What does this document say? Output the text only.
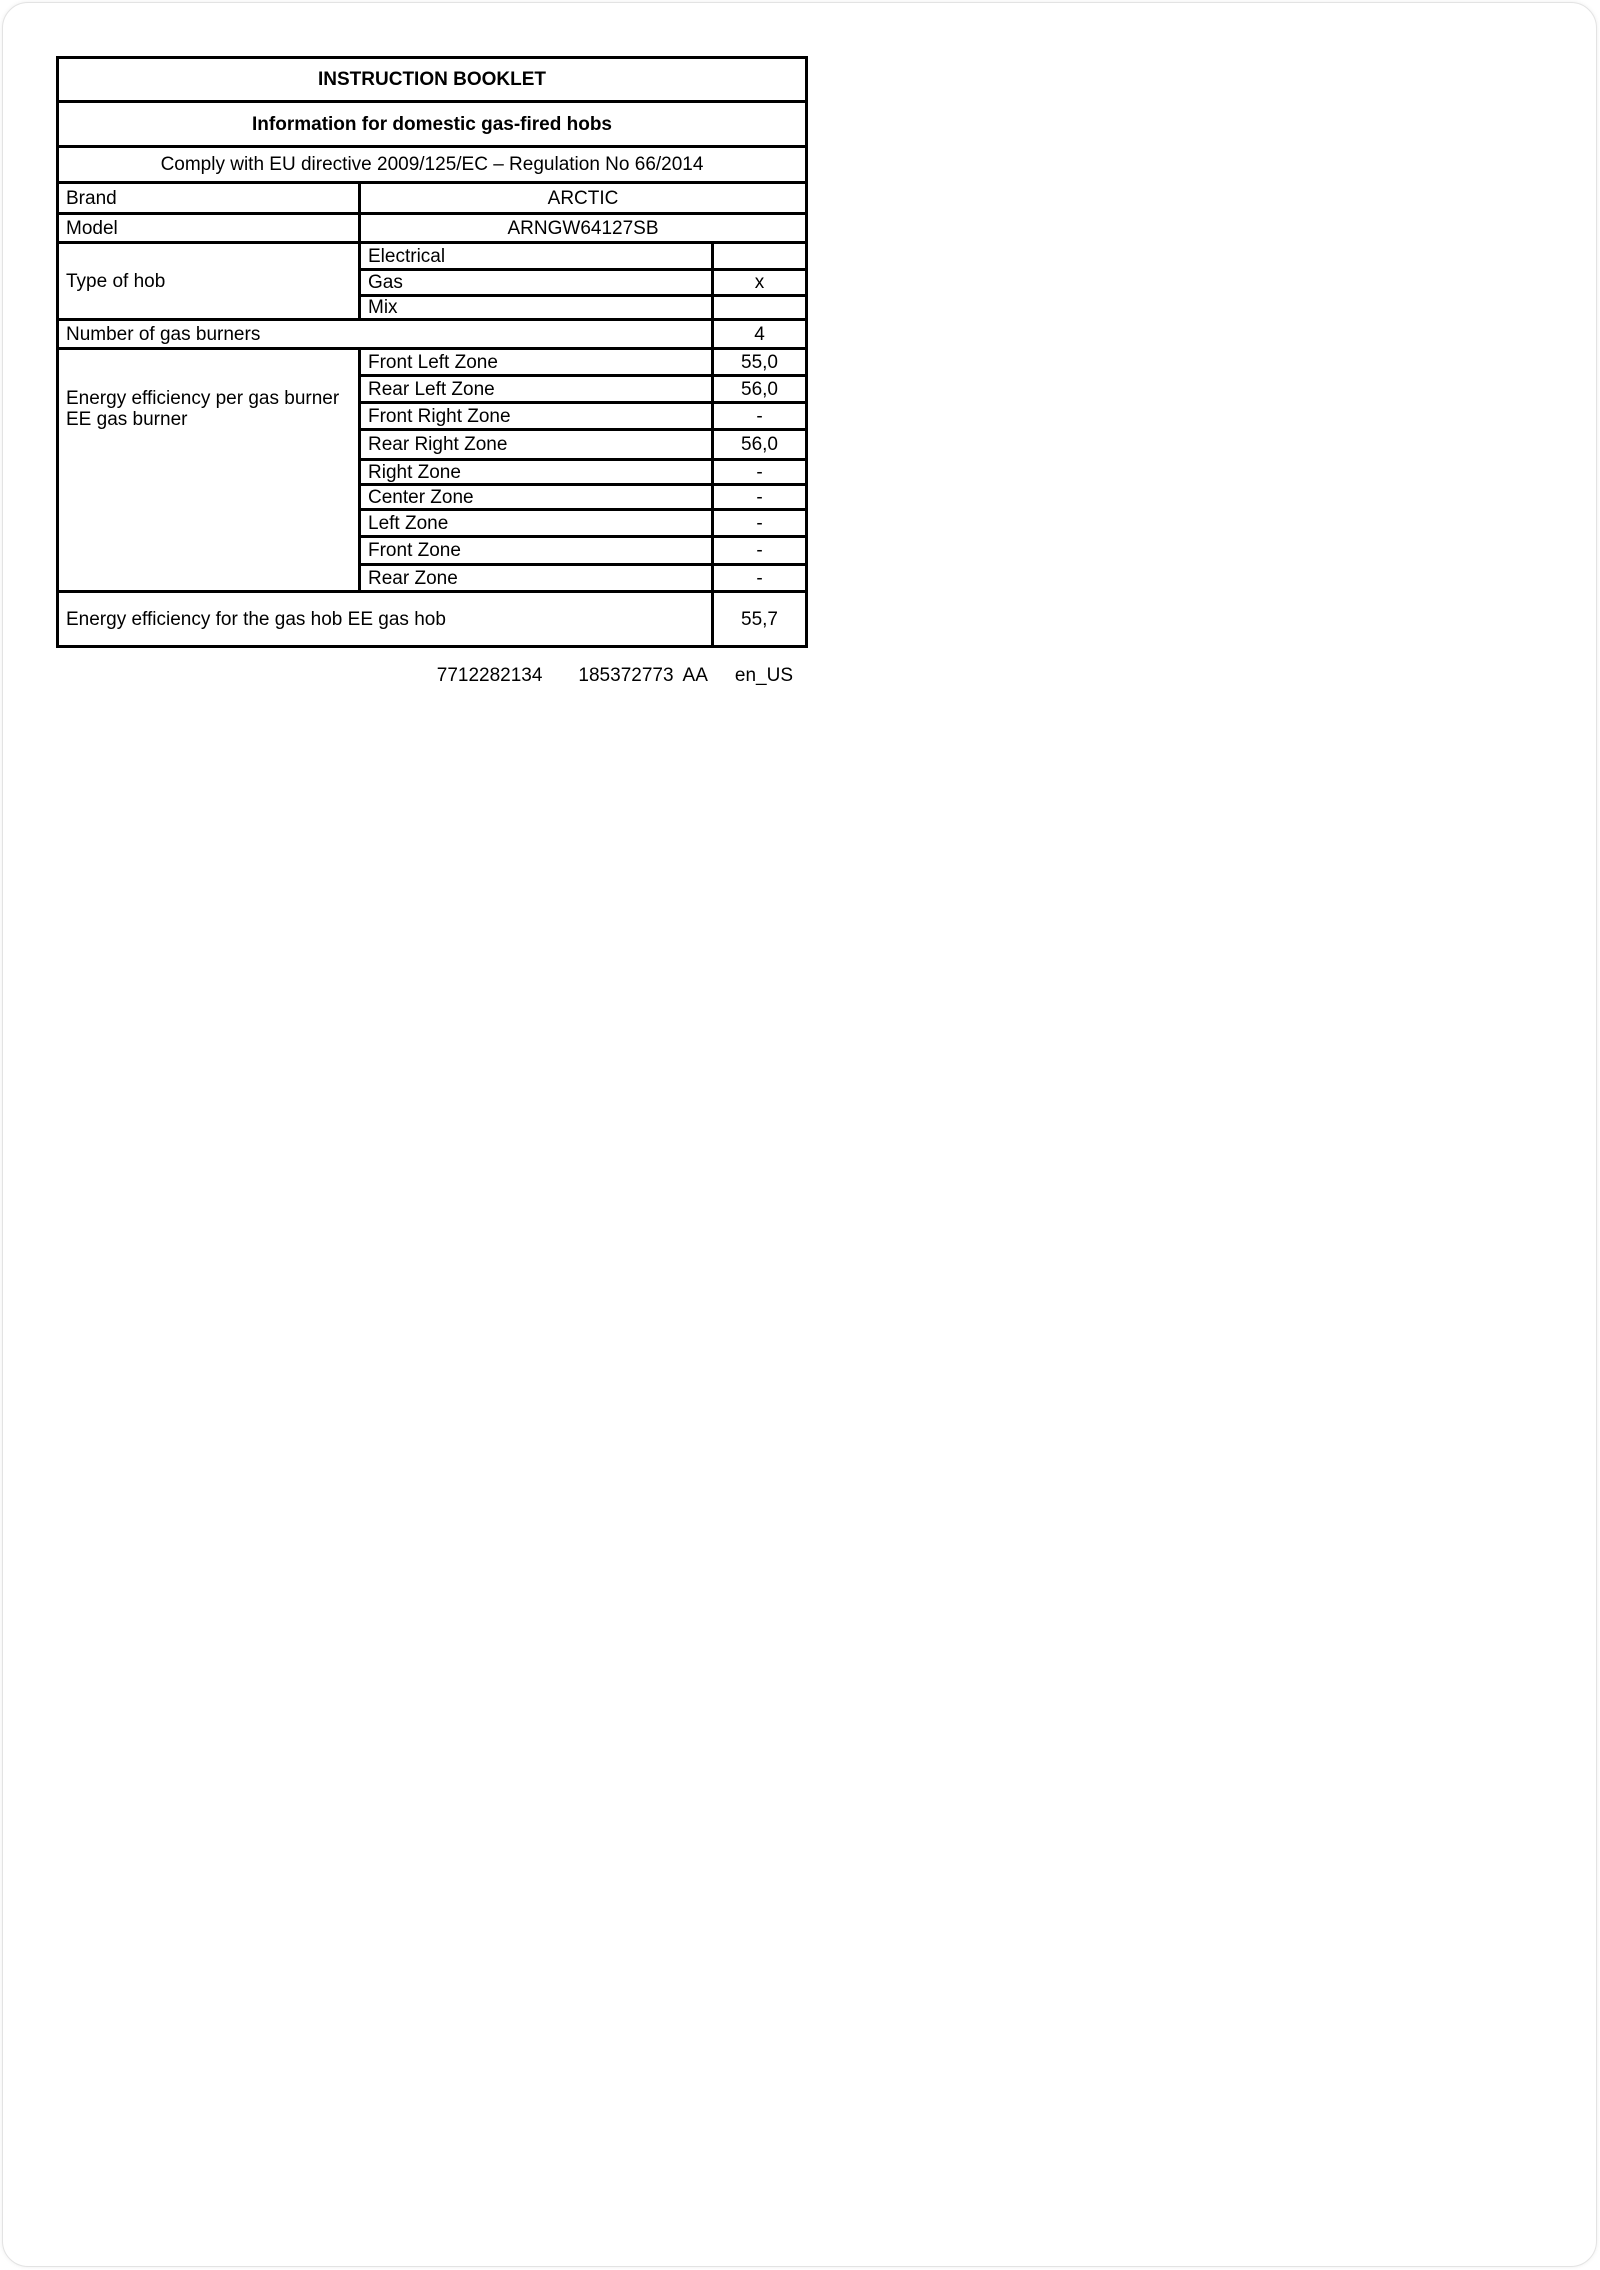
INSTRUCTION BOOKLET		
Information for domestic gas-fired hobs		
Comply with EU directive 2009/125/EC – Regulation No 66/2014		
Brand	ARCTIC	
Model	ARNGW64127SB	
Type of hob	Electrical	
	Gas	x
	Mix	
Number of gas burners		4
Energy efficiency per gas burner
EE gas burner	Front Left Zone	55,0
	Rear Left Zone	56,0
	Front Right Zone	-
	Rear Right Zone	56,0
	Right Zone	-
	Center Zone	-
	Left Zone	-
	Front Zone	-
	Rear Zone	-
Energy efficiency for the gas hob EE gas hob		55,7
7712282134 185372773 AA en_US
